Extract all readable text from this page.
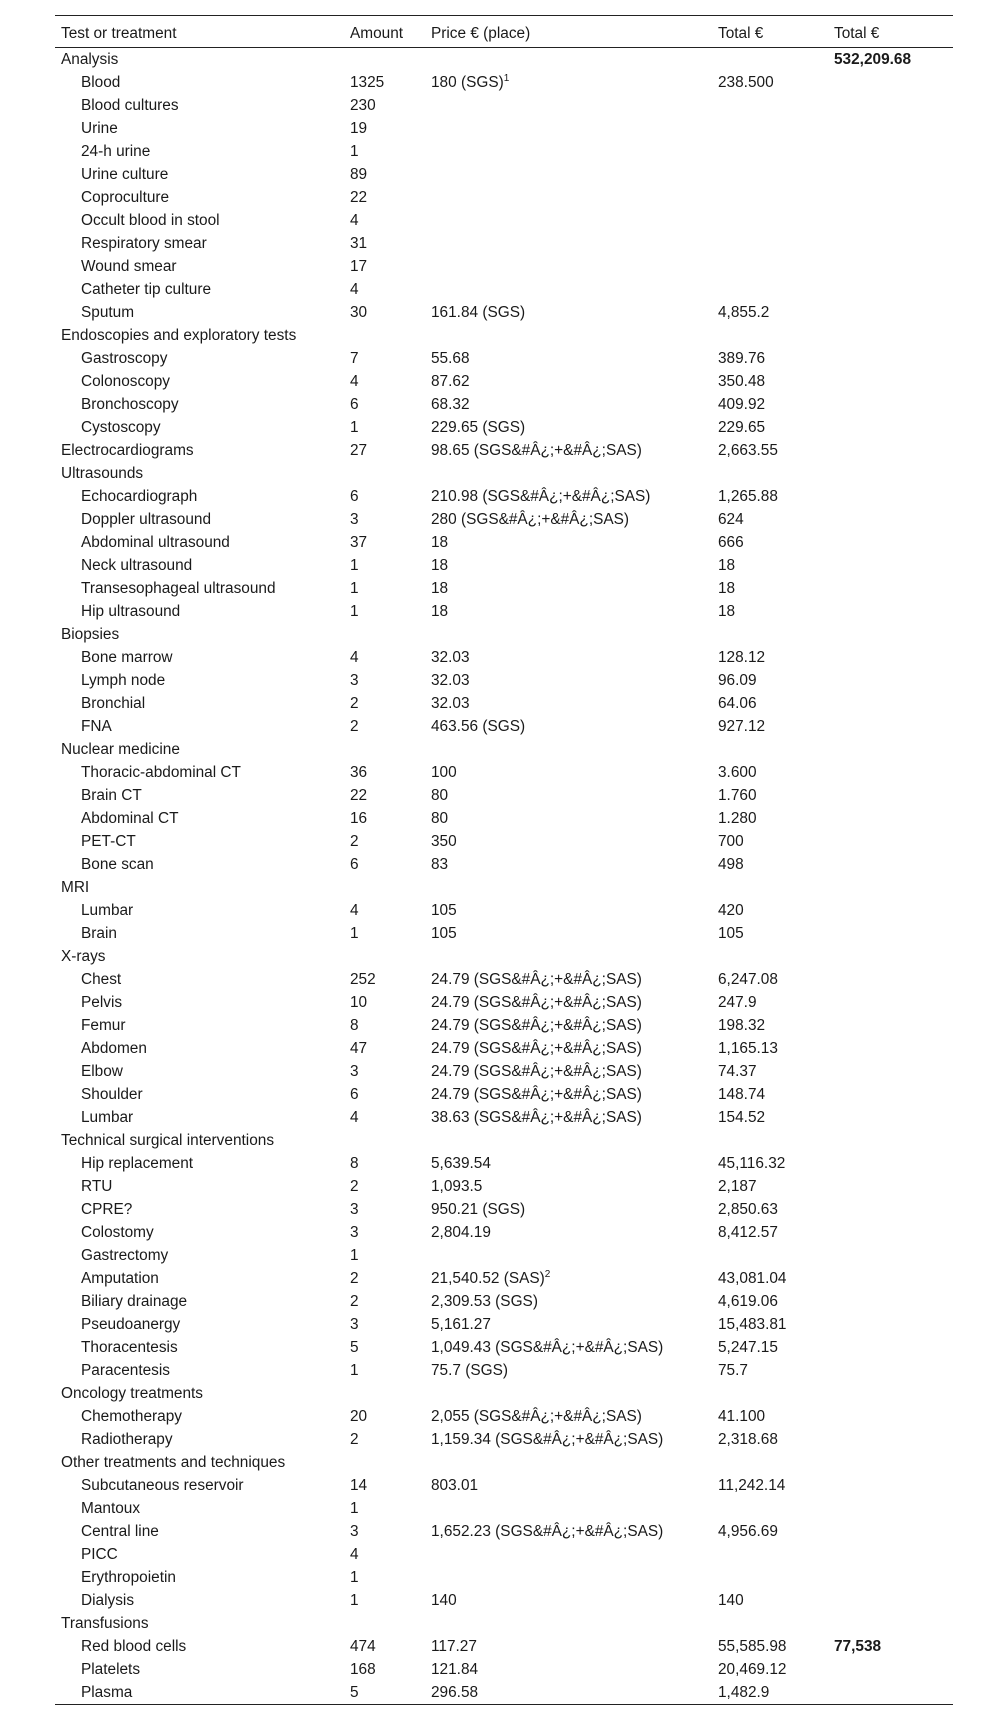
Test or treatment	Amount	Price € (place)	Total €	Total €
Analysis				532,209.68
Blood	1325	180 (SGS)$^1$	238.500	
Blood cultures	230			
Urine	19			
24-h urine	1			
Urine culture	89			
Coproculture	22			
Occult blood in stool	4			
Respiratory smear	31			
Wound smear	17			
Catheter tip culture	4			
Sputum	30	161.84 (SGS)	4,855.2	
Endoscopies and exploratory tests				
Gastroscopy	7	55.68	389.76	
Colonoscopy	4	87.62	350.48	
Bronchoscopy	6	68.32	409.92	
Cystoscopy	1	229.65 (SGS)	229.65	
Electrocardiograms	27	98.65 (SGS&#Â¿;+&#Â¿;SAS)	2,663.55	
Ultrasounds				
Echocardiograph	6	210.98 (SGS&#Â¿;+&#Â¿;SAS)	1,265.88	
Doppler ultrasound	3	280 (SGS&#Â¿;+&#Â¿;SAS)	624	
Abdominal ultrasound	37	18	666	
Neck ultrasound	1	18	18	
Transesophageal ultrasound	1	18	18	
Hip ultrasound	1	18	18	
Biopsies				
Bone marrow	4	32.03	128.12	
Lymph node	3	32.03	96.09	
Bronchial	2	32.03	64.06	
FNA	2	463.56 (SGS)	927.12	
Nuclear medicine				
Thoracic-abdominal CT	36	100	3.600	
Brain CT	22	80	1.760	
Abdominal CT	16	80	1.280	
PET-CT	2	350	700	
Bone scan	6	83	498	
MRI				
Lumbar	4	105	420	
Brain	1	105	105	
X-rays				
Chest	252	24.79 (SGS&#Â¿;+&#Â¿;SAS)	6,247.08	
Pelvis	10	24.79 (SGS&#Â¿;+&#Â¿;SAS)	247.9	
Femur	8	24.79 (SGS&#Â¿;+&#Â¿;SAS)	198.32	
Abdomen	47	24.79 (SGS&#Â¿;+&#Â¿;SAS)	1,165.13	
Elbow	3	24.79 (SGS&#Â¿;+&#Â¿;SAS)	74.37	
Shoulder	6	24.79 (SGS&#Â¿;+&#Â¿;SAS)	148.74	
Lumbar	4	38.63 (SGS&#Â¿;+&#Â¿;SAS)	154.52	
Technical surgical interventions				
Hip replacement	8	5,639.54	45,116.32	
RTU	2	1,093.5	2,187	
CPRE?	3	950.21 (SGS)	2,850.63	
Colostomy	3	2,804.19	8,412.57	
Gastrectomy	1			
Amputation	2	21,540.52 (SAS)$^2$	43,081.04	
Biliary drainage	2	2,309.53 (SGS)	4,619.06	
Pseudoanergy	3	5,161.27	15,483.81	
Thoracentesis	5	1,049.43 (SGS&#Â¿;+&#Â¿;SAS)	5,247.15	
Paracentesis	1	75.7 (SGS)	75.7	
Oncology treatments				
Chemotherapy	20	2,055 (SGS&#Â¿;+&#Â¿;SAS)	41.100	
Radiotherapy	2	1,159.34 (SGS&#Â¿;+&#Â¿;SAS)	2,318.68	
Other treatments and techniques				
Subcutaneous reservoir	14	803.01	11,242.14	
Mantoux	1			
Central line	3	1,652.23 (SGS&#Â¿;+&#Â¿;SAS)	4,956.69	
PICC	4			
Erythropoietin	1			
Dialysis	1	140	140	
Transfusions				
Red blood cells	474	117.27	55,585.98	77,538
Platelets	168	121.84	20,469.12	
Plasma	5	296.58	1,482.9	
